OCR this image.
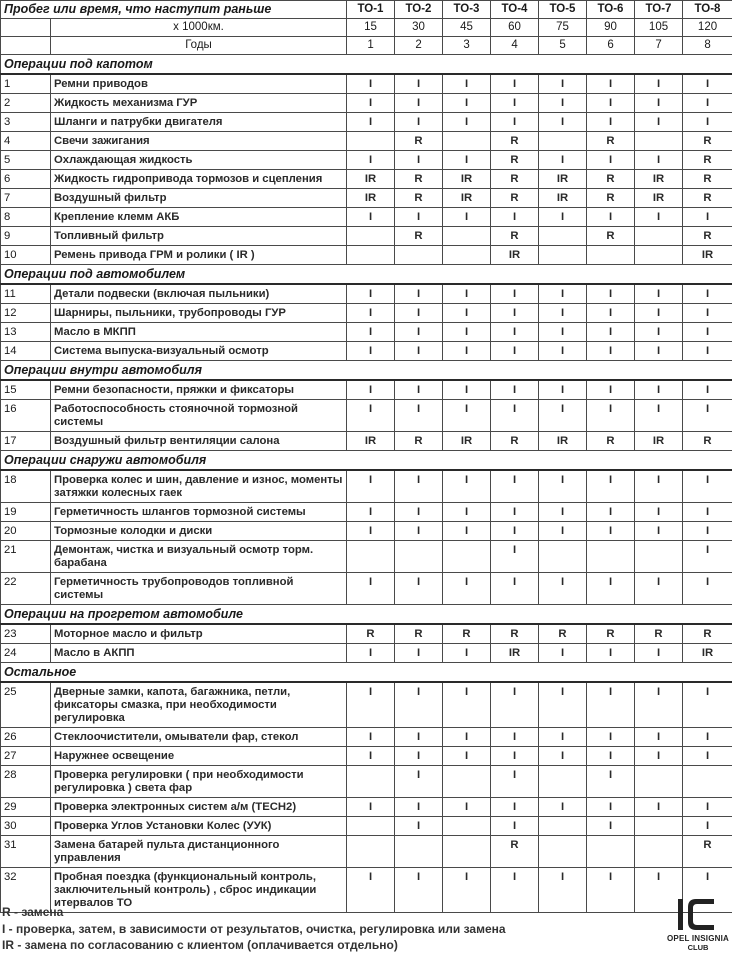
Пробег или время, что наступит раньше		ТО-1	ТО-2	ТО-3	ТО-4	ТО-5	ТО-6	ТО-7	ТО-8
	х 1000км.	15	30	45	60	75	90	105	120
	Годы	1	2	3	4	5	6	7	8
Операции под капотом									
1	Ремни приводов	I	I	I	I	I	I	I	I
2	Жидкость механизма ГУР	I	I	I	I	I	I	I	I
3	Шланги и патрубки двигателя	I	I	I	I	I	I	I	I
4	Свечи зажигания		R		R		R		R
5	Охлаждающая жидкость	I	I	I	R	I	I	I	R
6	Жидкость гидропривода тормозов и сцепления	IR	R	IR	R	IR	R	IR	R
7	Воздушный фильтр	IR	R	IR	R	IR	R	IR	R
8	Крепление клемм АКБ	I	I	I	I	I	I	I	I
9	Топливный фильтр		R		R		R		R
10	Ремень привода ГРМ и ролики ( IR )				IR				IR
Операции под автомобилем									
11	Детали подвески (включая пыльники)	I	I	I	I	I	I	I	I
12	Шарниры, пыльники, трубопроводы ГУР	I	I	I	I	I	I	I	I
13	Масло в МКПП	I	I	I	I	I	I	I	I
14	Система выпуска-визуальный осмотр	I	I	I	I	I	I	I	I
Операции внутри автомобиля									
15	Ремни безопасности, пряжки и фиксаторы	I	I	I	I	I	I	I	I
16	Работоспособность стояночной тормозной системы	I	I	I	I	I	I	I	I
17	Воздушный фильтр вентиляции салона	IR	R	IR	R	IR	R	IR	R
Операции снаружи автомобиля									
18	Проверка колес и шин, давление и износ, моменты затяжки колесных гаек	I	I	I	I	I	I	I	I
19	Герметичность шлангов тормозной системы	I	I	I	I	I	I	I	I
20	Тормозные колодки и диски	I	I	I	I	I	I	I	I
21	Демонтаж, чистка и визуальный осмотр торм. барабана				I				I
22	Герметичность трубопроводов топливной системы	I	I	I	I	I	I	I	I
Операции на прогретом автомобиле									
23	Моторное масло и фильтр	R	R	R	R	R	R	R	R
24	Масло в АКПП	I	I	I	IR	I	I	I	IR
Остальное									
25	Дверные замки, капота, багажника, петли, фиксаторы смазка, при необходимости регулировка	I	I	I	I	I	I	I	I
26	Стеклоочистители, омыватели фар, стекол	I	I	I	I	I	I	I	I
27	Наружнее освещение	I	I	I	I	I	I	I	I
28	Проверка регулировки ( при необходимости регулировка ) света фар		I		I		I		
29	Проверка электронных систем а/м (TECH2)	I	I	I	I	I	I	I	I
30	Проверка Углов Установки Колес (УУК)		I		I		I		I
31	Замена батарей пульта дистанционного управления				R				R
32	Пробная поездка (функциональный контроль, заключительный контроль) , сброс индикации итервалов ТО	I	I	I	I	I	I	I	I
R - замена
I - проверка, затем, в зависимости от результатов, очистка, регулировка или замена
IR - замена по согласованию с клиентом (оплачивается отдельно)	OPEL INSIGNIA
CLUB
